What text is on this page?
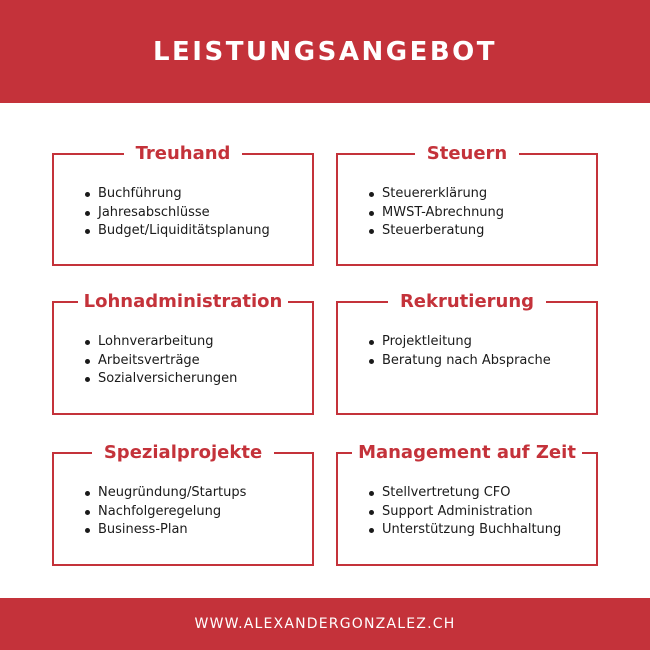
LEISTUNGSANGEBOT
Treuhand
Buchführung
Jahresabschlüsse
Budget/Liquiditätsplanung
Steuern
Steuererklärung
MWST-Abrechnung
Steuerberatung
Lohnadministration
Lohnverarbeitung
Arbeitsverträge
Sozialversicherungen
Rekrutierung
Projektleitung
Beratung nach Absprache
Spezialprojekte
Neugründung/Startups
Nachfolgeregelung
Business-Plan
Management auf Zeit
Stellvertretung CFO
Support Administration
Unterstützung Buchhaltung
WWW.ALEXANDERGONZALEZ.CH
